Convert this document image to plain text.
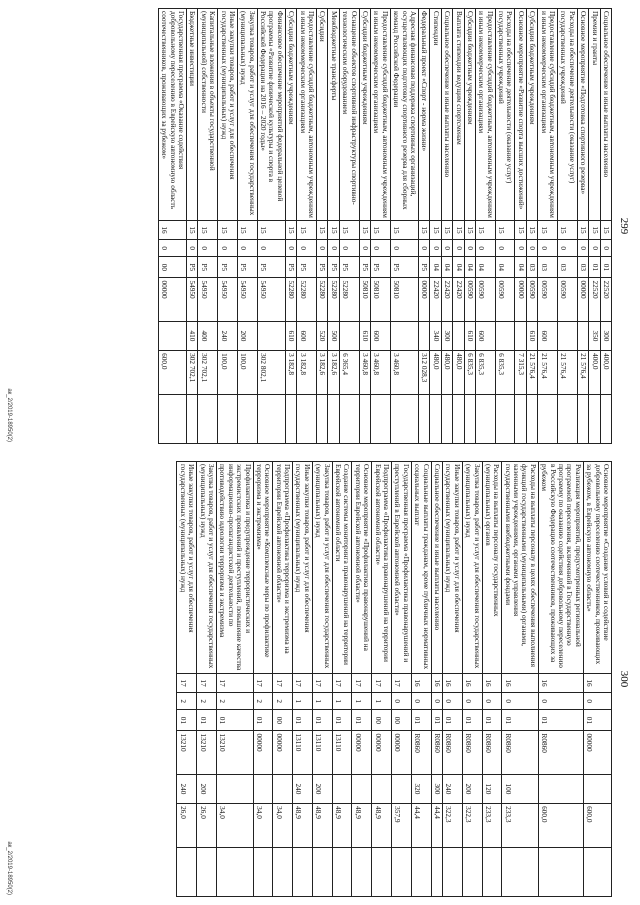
299
Социальное обеспечение и иные выплаты населению	15	0	01	22520	300	400,0	
Премии и гранты	15	0	01	22520	350	400,0	
Основное мероприятие «Подготовка спортивного резерва»	15	0	03	00000		21 576,4	
Расходы на обеспечение деятельности (оказание услуг) государственных учреждений	15	0	03	00590		21 576,4	
Предоставление субсидий бюджетным, автономным учреждениям и иным некоммерческим организациям	15	0	03	00590	600	21 576,4	
Субсидии бюджетным учреждениям	15	0	03	00590	610	21 576,4	
Основное мероприятие «Развитие спорта высших достижений»	15	0	04	00000		7 315,3	
Расходы на обеспечение деятельности (оказание услуг) государственных учреждений	15	0	04	00590		6 835,3	
Предоставление субсидий бюджетным, автономным учреждениям и иным некоммерческим организациям	15	0	04	00590	600	6 835,3	
Субсидии бюджетным учреждениям	15	0	04	00590	610	6 835,3	
Выплата стипендии ведущим спортсменам	15	0	04	22420		480,0	
Социальное обеспечение и иные выплаты населению	15	0	04	22420	300	480,0	
Стипендии	15	0	04	22420	340	480,0	
Федеральный проект «Спорт - норма жизни»	15	0	P5	00000		312 028,3	
Адресная финансовая поддержка спортивных организаций, осуществляющих подготовку спортивного резерва для сборных команд Российской Федерации	15	0	P5	50810		3 460,8	
Предоставление субсидий бюджетным, автономным учреждениям и иным некоммерческим организациям	15	0	P5	50810	600	3 460,8	
Субсидии бюджетным учреждениям	15	0	P5	50810	610	3 460,8	
Оснащение объектов спортивной инфраструктуры спортивно-технологическим оборудованием	15	0	P5	52280		6 365,4	
Межбюджетные трансферты	15	0	P5	52280	500	3 182,6	
Субсидии	15	0	P5	52280	520	3 182,6	
Предоставление субсидий бюджетным, автономным учреждениям и иным некоммерческим организациям	15	0	P5	52280	600	3 182,8	
Субсидии бюджетным учреждениям	15	0	P5	52280	610	3 182,8	
Финансовое обеспечение мероприятий федеральной целевой программы «Развитие физической культуры и спорта в Российской Федерации на 2016 – 2020 годы»	15	0	P5	54950		302 802,1	
Закупка товаров, работ и услуг для обеспечения государственных (муниципальных) нужд	15	0	P5	54950	200	100,0	
Иные закупки товаров, работ и услуг для обеспечения государственных (муниципальных) нужд	15	0	P5	54950	240	100,0	
Капитальные вложения в объекты государственной (муниципальной) собственности	15	0	P5	54950	400	302 702,1	
Бюджетные инвестиции	15	0	P5	54950	410	302 702,1	
Государственная программа «Оказание содействия добровольному переселению в Еврейскую автономную область соотечественников, проживающих за рубежом»	16	0	00	00000		600,0	
ак_2/2019-18950(2)
300
Основное мероприятие «Создание условий и содействие добровольному переселению соотечественников, проживающих за рубежом, в Еврейскую автономную область»	16	0	01	00000		600,0	
Реализация мероприятий, предусмотренных региональной программой переселения, включенной в Государственную программу по оказанию содействия добровольному переселению в Российскую Федерацию соотечественников, проживающих за рубежом	16	0	01	R0860		600,0	
Расходы на выплаты персоналу в целях обеспечения выполнения функций государственными (муниципальными) органами, казенными учреждениями, органами управления государственными внебюджетными фондами	16	0	01	R0860	100	233,3	
Расходы на выплаты персоналу государственных (муниципальных) органов	16	0	01	R0860	120	233,3	
Закупка товаров, работ и услуг для обеспечения государственных (муниципальных) нужд	16	0	01	R0860	200	322,3	
Иные закупки товаров, работ и услуг для обеспечения государственных (муниципальных) нужд	16	0	01	R0860	240	322,3	
Социальное обеспечение и иные выплаты населению	16	0	01	R0860	300	44,4	
Социальные выплаты гражданам, кроме публичных нормативных социальных выплат	16	0	01	R0860	320	44,4	
Государственная программа «Профилактика правонарушений и преступлений в Еврейской автономной области»	17	0	00	00000		357,9	
Подпрограмма «Профилактика правонарушений на территории Еврейской автономной области»	17	1	00	00000		48,9	
Основное мероприятие «Профилактика правонарушений на территории Еврейской автономной области»	17	1	01	00000		48,9	
Создание системы мониторинга правонарушений на территории Еврейской автономной области	17	1	01	13110		48,9	
Закупка товаров, работ и услуг для обеспечения государственных (муниципальных) нужд	17	1	01	13110	200	48,9	
Иные закупки товаров, работ и услуг для обеспечения государственных (муниципальных) нужд	17	1	01	13110	240	48,9	
Подпрограмма «Профилактика терроризма и экстремизма на территории Еврейской автономной области»	17	2	00	00000		34,0	
Основное мероприятие «Комплексные меры по профилактике терроризма и экстремизма»	17	2	01	00000		34,0	
Профилактика и предупреждение террористических и экстремистских проявлений и преступлений, повышение качества информационно-пропагандистской деятельности по противодействию идеологии терроризма и экстремизма	17	2	01	13210		34,0	
Закупка товаров, работ и услуг для обеспечения государственных (муниципальных) нужд	17	2	01	13210	200	26,0	
Иные закупки товаров, работ и услуг для обеспечения государственных (муниципальных) нужд	17	2	01	13210	240	26,0	
ак_2/2019-18950(2)
